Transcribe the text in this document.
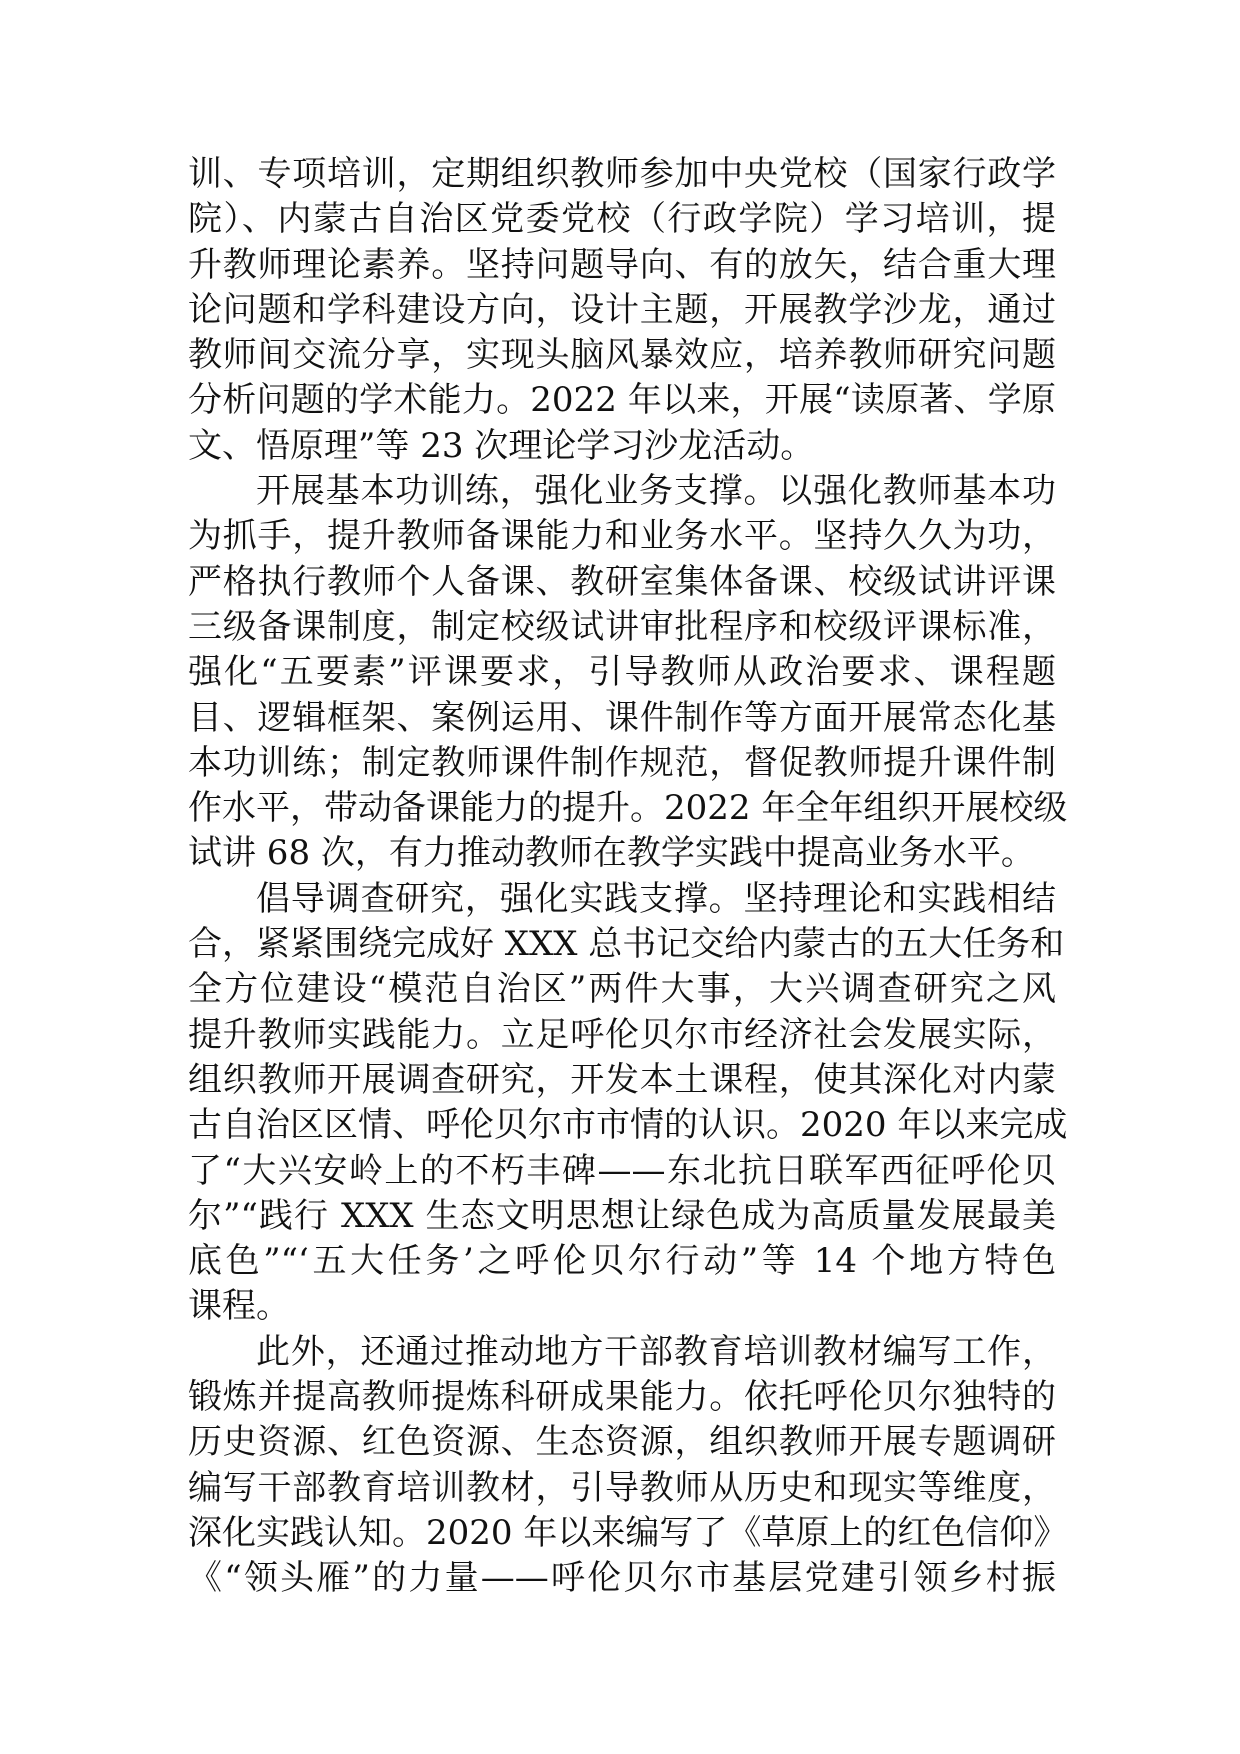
训、专项培训，定期组织教师参加中央党校（国家行政学
院）、内蒙古自治区党委党校（行政学院）学习培训，提
升教师理论素养。坚持问题导向、有的放矢，结合重大理
论问题和学科建设方向，设计主题，开展教学沙龙，通过
教师间交流分享，实现头脑风暴效应，培养教师研究问题
分析问题的学术能力。2022 年以来，开展“读原著、学原
文、悟原理”等 23 次理论学习沙龙活动。
开展基本功训练，强化业务支撑。以强化教师基本功
为抓手，提升教师备课能力和业务水平。坚持久久为功，
严格执行教师个人备课、教研室集体备课、校级试讲评课
三级备课制度，制定校级试讲审批程序和校级评课标准，
强化“五要素”评课要求，引导教师从政治要求、课程题
目、逻辑框架、案例运用、课件制作等方面开展常态化基
本功训练；制定教师课件制作规范，督促教师提升课件制
作水平，带动备课能力的提升。2022 年全年组织开展校级
试讲 68 次，有力推动教师在教学实践中提高业务水平。
倡导调查研究，强化实践支撑。坚持理论和实践相结
合，紧紧围绕完成好 XXX 总书记交给内蒙古的五大任务和
全方位建设“模范自治区”两件大事，大兴调查研究之风
提升教师实践能力。立足呼伦贝尔市经济社会发展实际，
组织教师开展调查研究，开发本土课程，使其深化对内蒙
古自治区区情、呼伦贝尔市市情的认识。2020 年以来完成
了“大兴安岭上的不朽丰碑——东北抗日联军西征呼伦贝
尔”“践行 XXX 生态文明思想让绿色成为高质量发展最美
底色”“‘五大任务’之呼伦贝尔行动”等 14 个地方特色
课程。
此外，还通过推动地方干部教育培训教材编写工作，
锻炼并提高教师提炼科研成果能力。依托呼伦贝尔独特的
历史资源、红色资源、生态资源，组织教师开展专题调研
编写干部教育培训教材，引导教师从历史和现实等维度，
深化实践认知。2020 年以来编写了《草原上的红色信仰》
《“领头雁”的力量——呼伦贝尔市基层党建引领乡村振
